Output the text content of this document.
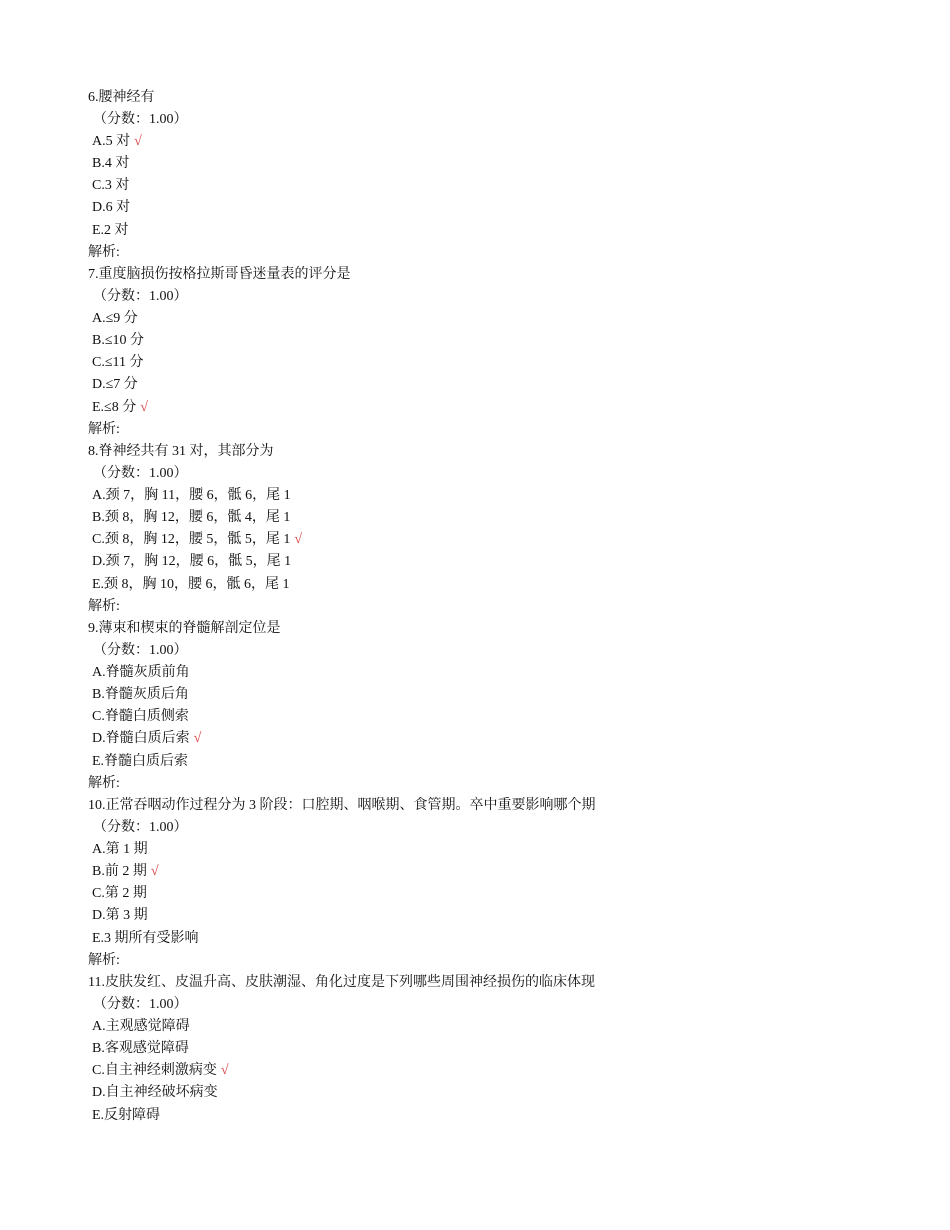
6.腰神经有
（分数：1.00）
A.5 对 √
B.4 对
C.3 对
D.6 对
E.2 对
解析:
7.重度脑损伤按格拉斯哥昏迷量表的评分是
（分数：1.00）
A.≤9 分
B.≤10 分
C.≤11 分
D.≤7 分
E.≤8 分 √
解析:
8.脊神经共有 31 对，其部分为
（分数：1.00）
A.颈 7，胸 11，腰 6，骶 6，尾 1
B.颈 8，胸 12，腰 6，骶 4，尾 1
C.颈 8，胸 12，腰 5，骶 5，尾 1 √
D.颈 7，胸 12，腰 6，骶 5，尾 1
E.颈 8，胸 10，腰 6，骶 6，尾 1
解析:
9.薄束和楔束的脊髓解剖定位是
（分数：1.00）
A.脊髓灰质前角
B.脊髓灰质后角
C.脊髓白质侧索
D.脊髓白质后索 √
E.脊髓白质后索
解析:
10.正常吞咽动作过程分为 3 阶段：口腔期、咽喉期、食管期。卒中重要影响哪个期
（分数：1.00）
A.第 1 期
B.前 2 期 √
C.第 2 期
D.第 3 期
E.3 期所有受影响
解析:
11.皮肤发红、皮温升高、皮肤潮湿、角化过度是下列哪些周围神经损伤的临床体现
（分数：1.00）
A.主观感觉障碍
B.客观感觉障碍
C.自主神经刺激病变 √
D.自主神经破坏病变
E.反射障碍
